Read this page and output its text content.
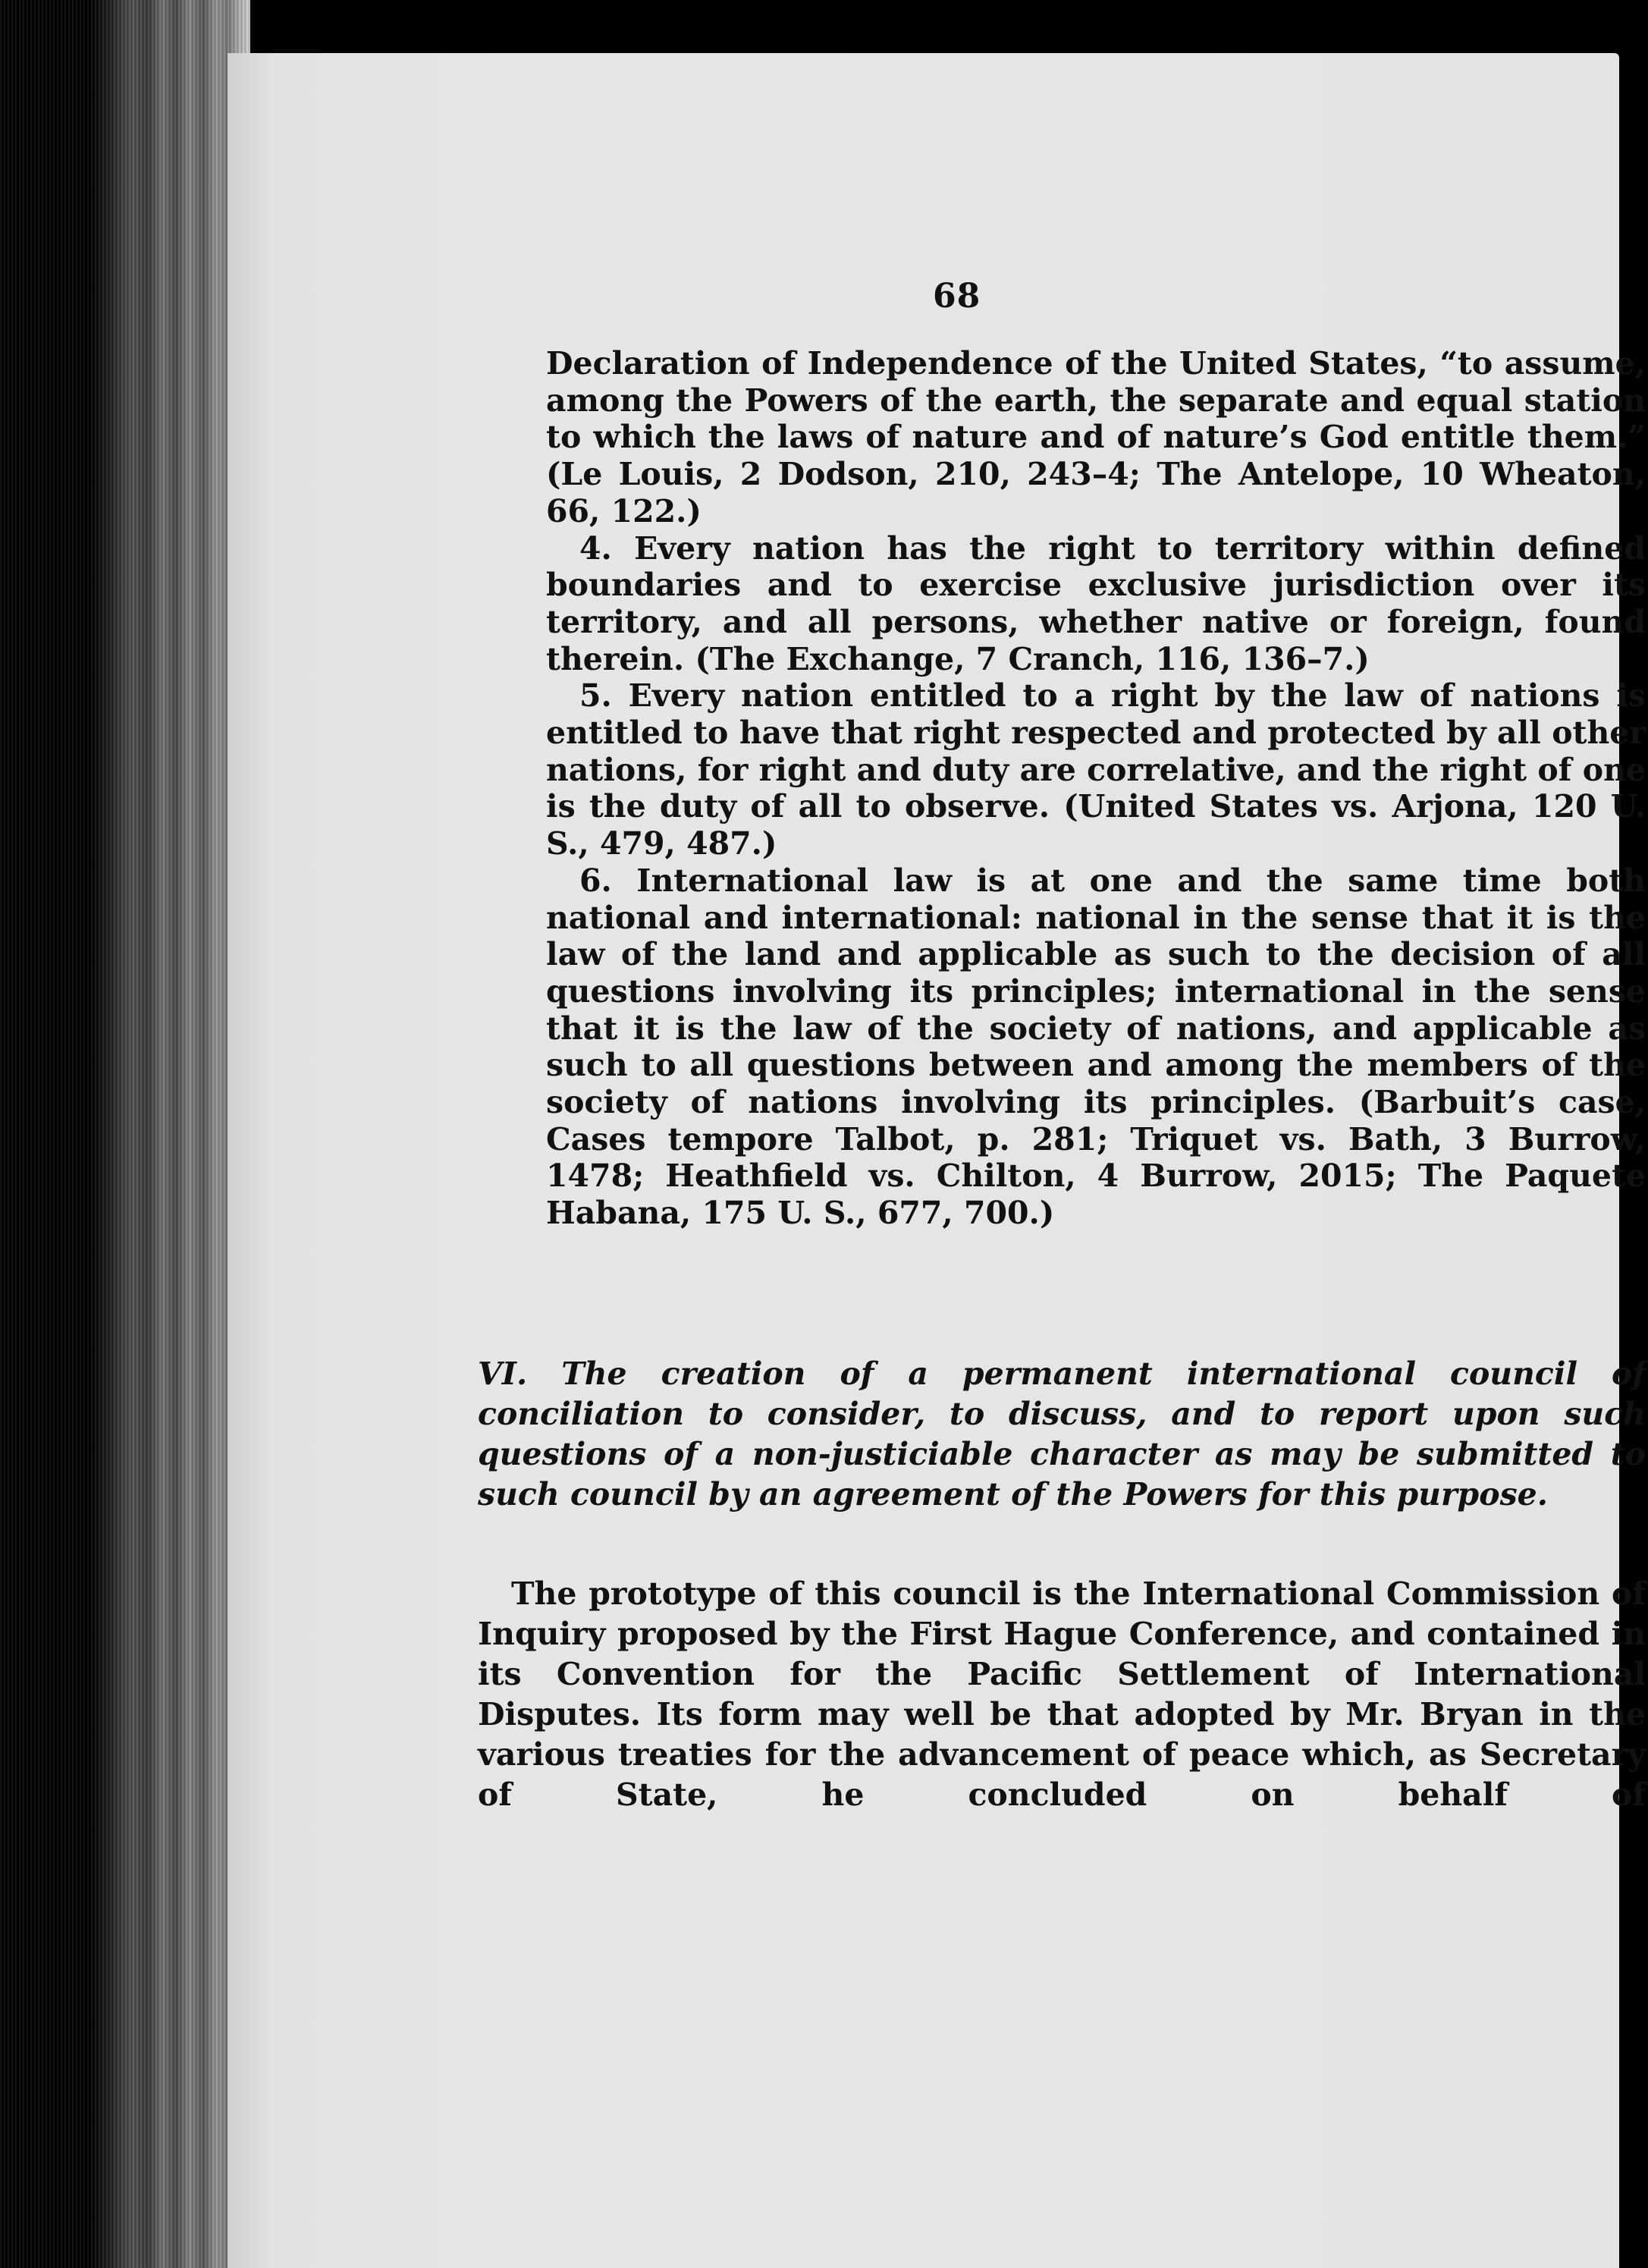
68

Declaration of Independence of the United States, “to assume, among the Powers of the earth, the separate and equal station to which the laws of nature and of nature’s God entitle them.” (Le Louis, 2 Dodson, 210, 243–4; The Antelope, 10 Wheaton, 66, 122.)

4. Every nation has the right to territory within defined boundaries and to exercise exclusive jurisdiction over its territory, and all persons, whether native or foreign, found therein. (The Exchange, 7 Cranch, 116, 136–7.)

5. Every nation entitled to a right by the law of nations is entitled to have that right respected and protected by all other nations, for right and duty are correlative, and the right of one is the duty of all to observe. (United States vs. Arjona, 120 U. S., 479, 487.)

6. International law is at one and the same time both national and international: national in the sense that it is the law of the land and applicable as such to the decision of all questions involving its principles; international in the sense that it is the law of the society of nations, and applicable as such to all questions between and among the members of the society of nations involving its principles. (Barbuit’s case, Cases tempore Talbot, p. 281; Triquet vs. Bath, 3 Burrow, 1478; Heathfield vs. Chilton, 4 Burrow, 2015; The Paquete Habana, 175 U. S., 677, 700.)

VI. The creation of a permanent international council of conciliation to consider, to discuss, and to report upon such questions of a non-justiciable character as may be submitted to such council by an agreement of the Powers for this purpose.

The prototype of this council is the International Commission of Inquiry proposed by the First Hague Conference, and contained in its Convention for the Pacific Settlement of International Disputes. Its form may well be that adopted by Mr. Bryan in the various treaties for the advancement of peace which, as Secretary of State, he concluded on behalf of
